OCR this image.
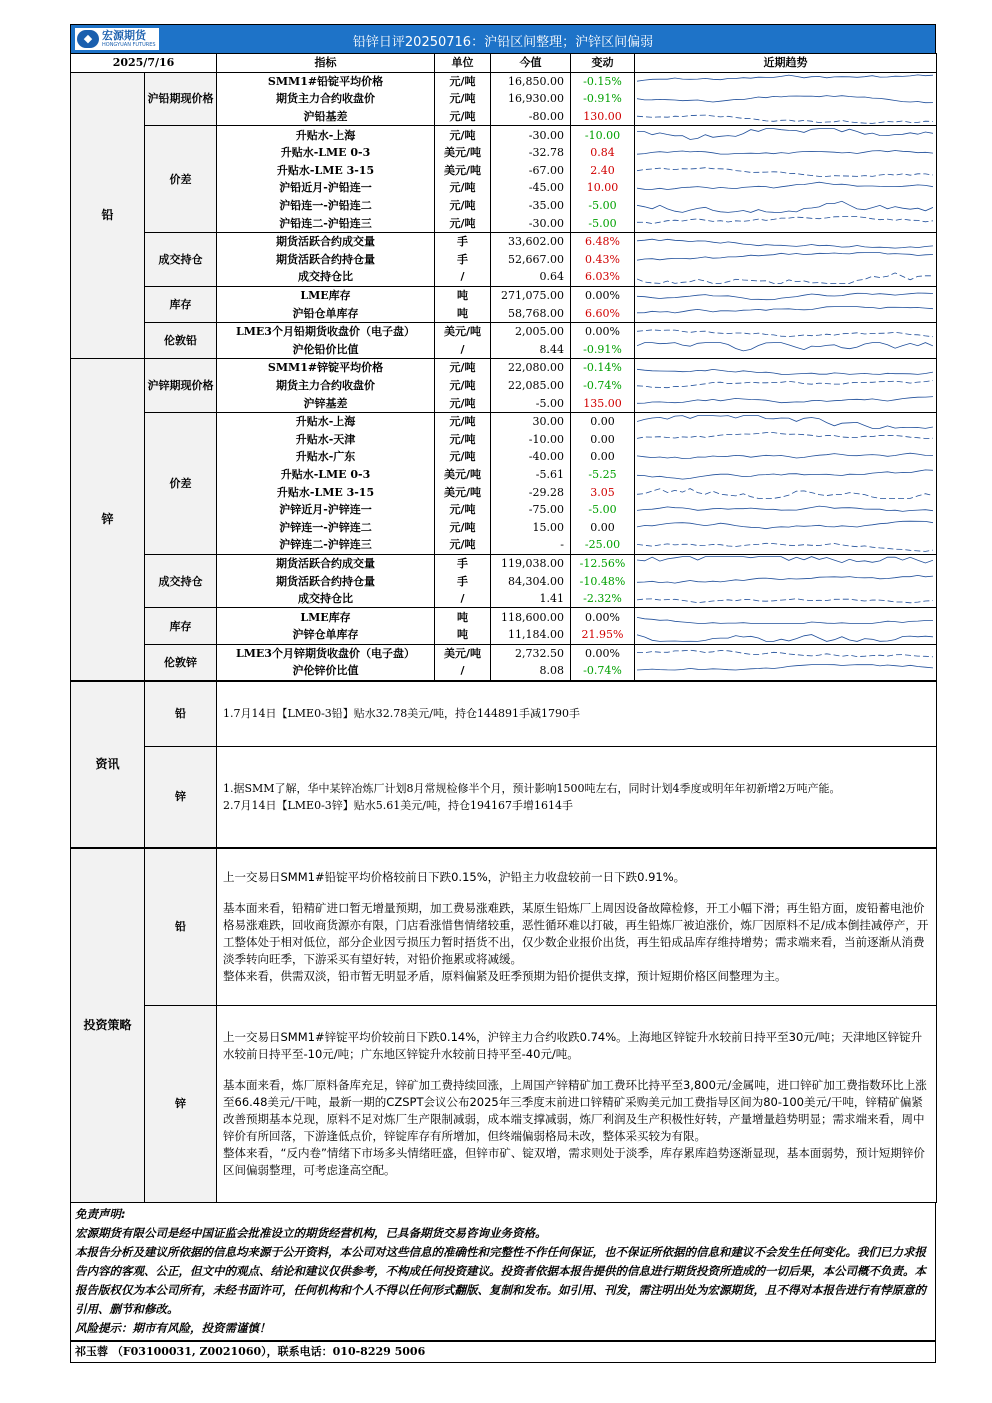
◆ 宏源期货
HONGYUAN FUTURES	铅锌日评20250716：沪铅区间整理；沪锌区间偏弱
2025/7/16		指标	单位	今值	变动	近期趋势
铅	沪铅期现价格	SMM1#铅锭平均价格	元/吨	16,850.00	-0.15%	

		期货主力合约收盘价	元/吨	16,930.00	-0.91%	

		沪铅基差	元/吨	-80.00	130.00	

	价差	升贴水-上海	元/吨	-30.00	-10.00	

		升贴水-LME 0-3	美元/吨	-32.78	0.84	

		升贴水-LME 3-15	美元/吨	-67.00	2.40	

		沪铅近月-沪铅连一	元/吨	-45.00	10.00	

		沪铅连一-沪铅连二	元/吨	-35.00	-5.00	

		沪铅连二-沪铅连三	元/吨	-30.00	-5.00	

	成交持仓	期货活跃合约成交量	手	33,602.00	6.48%	

		期货活跃合约持仓量	手	52,667.00	0.43%	

		成交持仓比	/	0.64	6.03%	

	库存	LME库存	吨	271,075.00	0.00%	

		沪铅仓单库存	吨	58,768.00	6.60%	

	伦敦铅	LME3个月铅期货收盘价（电子盘）	美元/吨	2,005.00	0.00%	

		沪伦铅价比值	/	8.44	-0.91%	

锌	沪锌期现价格	SMM1#锌锭平均价格	元/吨	22,080.00	-0.14%	

		期货主力合约收盘价	元/吨	22,085.00	-0.74%	

		沪锌基差	元/吨	-5.00	135.00	

	价差	升贴水-上海	元/吨	30.00	0.00	

		升贴水-天津	元/吨	-10.00	0.00	

		升贴水-广东	元/吨	-40.00	0.00	

		升贴水-LME 0-3	美元/吨	-5.61	-5.25	

		升贴水-LME 3-15	美元/吨	-29.28	3.05	

		沪锌近月-沪锌连一	元/吨	-75.00	-5.00	

		沪锌连一-沪锌连二	元/吨	15.00	0.00	

		沪锌连二-沪锌连三	元/吨	-	-25.00	

	成交持仓	期货活跃合约成交量	手	119,038.00	-12.56%	

		期货活跃合约持仓量	手	84,304.00	-10.48%	

		成交持仓比	/	1.41	-2.32%	

	库存	LME库存	吨	118,600.00	0.00%	

		沪锌仓单库存	吨	11,184.00	21.95%	

	伦敦锌	LME3个月锌期货收盘价（电子盘）	美元/吨	2,732.50	0.00%	

		沪伦锌价比值	/	8.08	-0.74%	
资讯	铅	1.7月14日【LME0-3铅】贴水32.78美元/吨，持仓144891手减1790手
	锌	1.据SMM了解，华中某锌冶炼厂计划8月常规检修半个月，预计影响1500吨左右，同时计划4季度或明年年初新增2万吨产能。
2.7月14日【LME0-3锌】贴水5.61美元/吨，持仓194167手增1614手
投资策略	铅	上一交易日SMM1#铅锭平均价格较前日下跌0.15%，沪铅主力收盘较前一日下跌0.91%。

基本面来看，铅精矿进口暂无增量预期，加工费易涨难跌，某原生铅炼厂上周因设备故障检修，开工小幅下滑；再生铅方面，废铅蓄电池价格易涨难跌，回收商货源亦有限，门店看涨惜售情绪较重，恶性循环难以打破，再生铅炼厂被迫涨价，炼厂因原料不足/成本倒挂减停产，开工整体处于相对低位，部分企业因亏损压力暂时捂货不出，仅少数企业报价出货，再生铅成品库存维持增势；需求端来看，当前逐渐从消费淡季转向旺季，下游采买有望好转，对铅价拖累或将减缓。

整体来看，供需双淡，铅市暂无明显矛盾，原料偏紧及旺季预期为铅价提供支撑，预计短期价格区间整理为主。

	锌	上一交易日SMM1#锌锭平均价较前日下跌0.14%，沪锌主力合约收跌0.74%。上海地区锌锭升水较前日持平至30元/吨；天津地区锌锭升水较前日持平至-10元/吨；广东地区锌锭升水较前日持平至-40元/吨。

基本面来看，炼厂原料备库充足，锌矿加工费持续回涨，上周国产锌精矿加工费环比持平至3,800元/金属吨，进口锌矿加工费指数环比上涨至66.48美元/干吨，最新一期的CZSPT会议公布2025年三季度末前进口锌精矿采购美元加工费指导区间为80-100美元/干吨，锌精矿偏紧改善预期基本兑现，原料不足对炼厂生产限制减弱，成本端支撑减弱，炼厂利润及生产积极性好转，产量增量趋势明显；需求端来看，周中锌价有所回落，下游逢低点价，锌锭库存有所增加，但终端偏弱格局未改，整体采买较为有限。

整体来看，“反内卷”情绪下市场多头情绪旺盛，但锌市矿、锭双增，需求则处于淡季，库存累库趋势逐渐显现，基本面弱势，预计短期锌价区间偏弱整理，可考虑逢高空配。

免责声明:

宏源期货有限公司是经中国证监会批准设立的期货经营机构，已具备期货交易咨询业务资格。

本报告分析及建议所依据的信息均来源于公开资料，本公司对这些信息的准确性和完整性不作任何保证，也不保证所依据的信息和建议不会发生任何变化。我们已力求报告内容的客观、公正，但文中的观点、结论和建议仅供参考，不构成任何投资建议。投资者依据本报告提供的信息进行期货投资所造成的一切后果，本公司概不负责。本报告版权仅为本公司所有，未经书面许可，任何机构和个人不得以任何形式翻版、复制和发布。如引用、刊发，需注明出处为宏源期货，且不得对本报告进行有悖原意的引用、删节和修改。

风险提示：期市有风险，投资需谨慎！

祁玉蓉 （F03100031, Z0021060），联系电话：010-8229 5006
